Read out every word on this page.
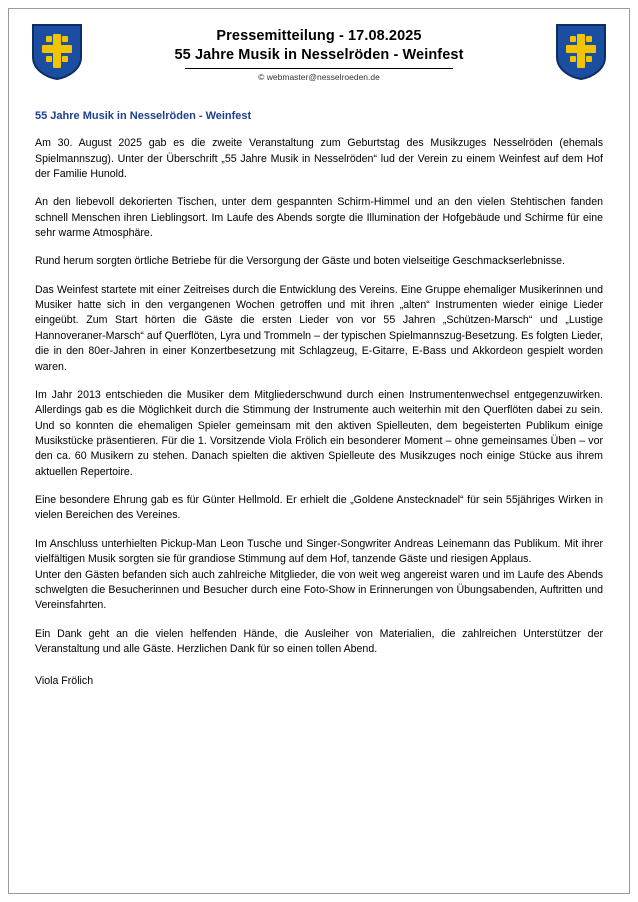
Pressemitteilung - 17.08.2025
55 Jahre Musik in Nesselröden - Weinfest
© webmaster@nesselroeden.de
55 Jahre Musik in Nesselröden - Weinfest

Am 30. August 2025 gab es die zweite Veranstaltung zum Geburtstag des Musikzuges Nesselröden (ehemals Spielmannszug). Unter der Überschrift „55 Jahre Musik in Nesselröden“ lud der Verein zu einem Weinfest auf dem Hof der Familie Hunold.

An den liebevoll dekorierten Tischen, unter dem gespannten Schirm-Himmel und an den vielen Stehtischen fanden schnell Menschen ihren Lieblingsort. Im Laufe des Abends sorgte die Illumination der Hofgebäude und Schirme für eine sehr warme Atmosphäre.

Rund herum sorgten örtliche Betriebe für die Versorgung der Gäste und boten vielseitige Geschmackserlebnisse.

Das Weinfest startete mit einer Zeitreises durch die Entwicklung des Vereins. Eine Gruppe ehemaliger Musikerinnen und Musiker hatte sich in den vergangenen Wochen getroffen und mit ihren „alten“ Instrumenten wieder einige Lieder eingeübt. Zum Start hörten die Gäste die ersten Lieder von vor 55 Jahren „Schützen-Marsch“ und „Lustige Hannoveraner-Marsch“ auf Querflöten, Lyra und Trommeln – der typischen Spielmannszug-Besetzung. Es folgten Lieder, die in den 80er-Jahren in einer Konzertbesetzung mit Schlagzeug, E-Gitarre, E-Bass und Akkordeon gespielt worden waren.

Im Jahr 2013 entschieden die Musiker dem Mitgliederschwund durch einen Instrumentenwechsel entgegenzuwirken. Allerdings gab es die Möglichkeit durch die Stimmung der Instrumente auch weiterhin mit den Querflöten dabei zu sein. Und so konnten die ehemaligen Spieler gemeinsam mit den aktiven Spielleuten, dem begeisterten Publikum einige Musikstücke präsentieren. Für die 1. Vorsitzende Viola Frölich ein besonderer Moment – ohne gemeinsames Üben – vor den ca. 60 Musikern zu stehen. Danach spielten die aktiven Spielleute des Musikzuges noch einige Stücke aus ihrem aktuellen Repertoire.

Eine besondere Ehrung gab es für Günter Hellmold. Er erhielt die „Goldene Anstecknadel“ für sein 55jähriges Wirken in vielen Bereichen des Vereines.

Im Anschluss unterhielten Pickup-Man Leon Tusche und Singer-Songwriter Andreas Leinemann das Publikum. Mit ihrer vielfältigen Musik sorgten sie für grandiose Stimmung auf dem Hof, tanzende Gäste und riesigen Applaus.

Unter den Gästen befanden sich auch zahlreiche Mitglieder, die von weit weg angereist waren und im Laufe des Abends schwelgten die Besucherinnen und Besucher durch eine Foto-Show in Erinnerungen von Übungsabenden, Auftritten und Vereinsfahrten.

Ein Dank geht an die vielen helfenden Hände, die Ausleiher von Materialien, die zahlreichen Unterstützer der Veranstaltung und alle Gäste. Herzlichen Dank für so einen tollen Abend.

Viola Frölich
